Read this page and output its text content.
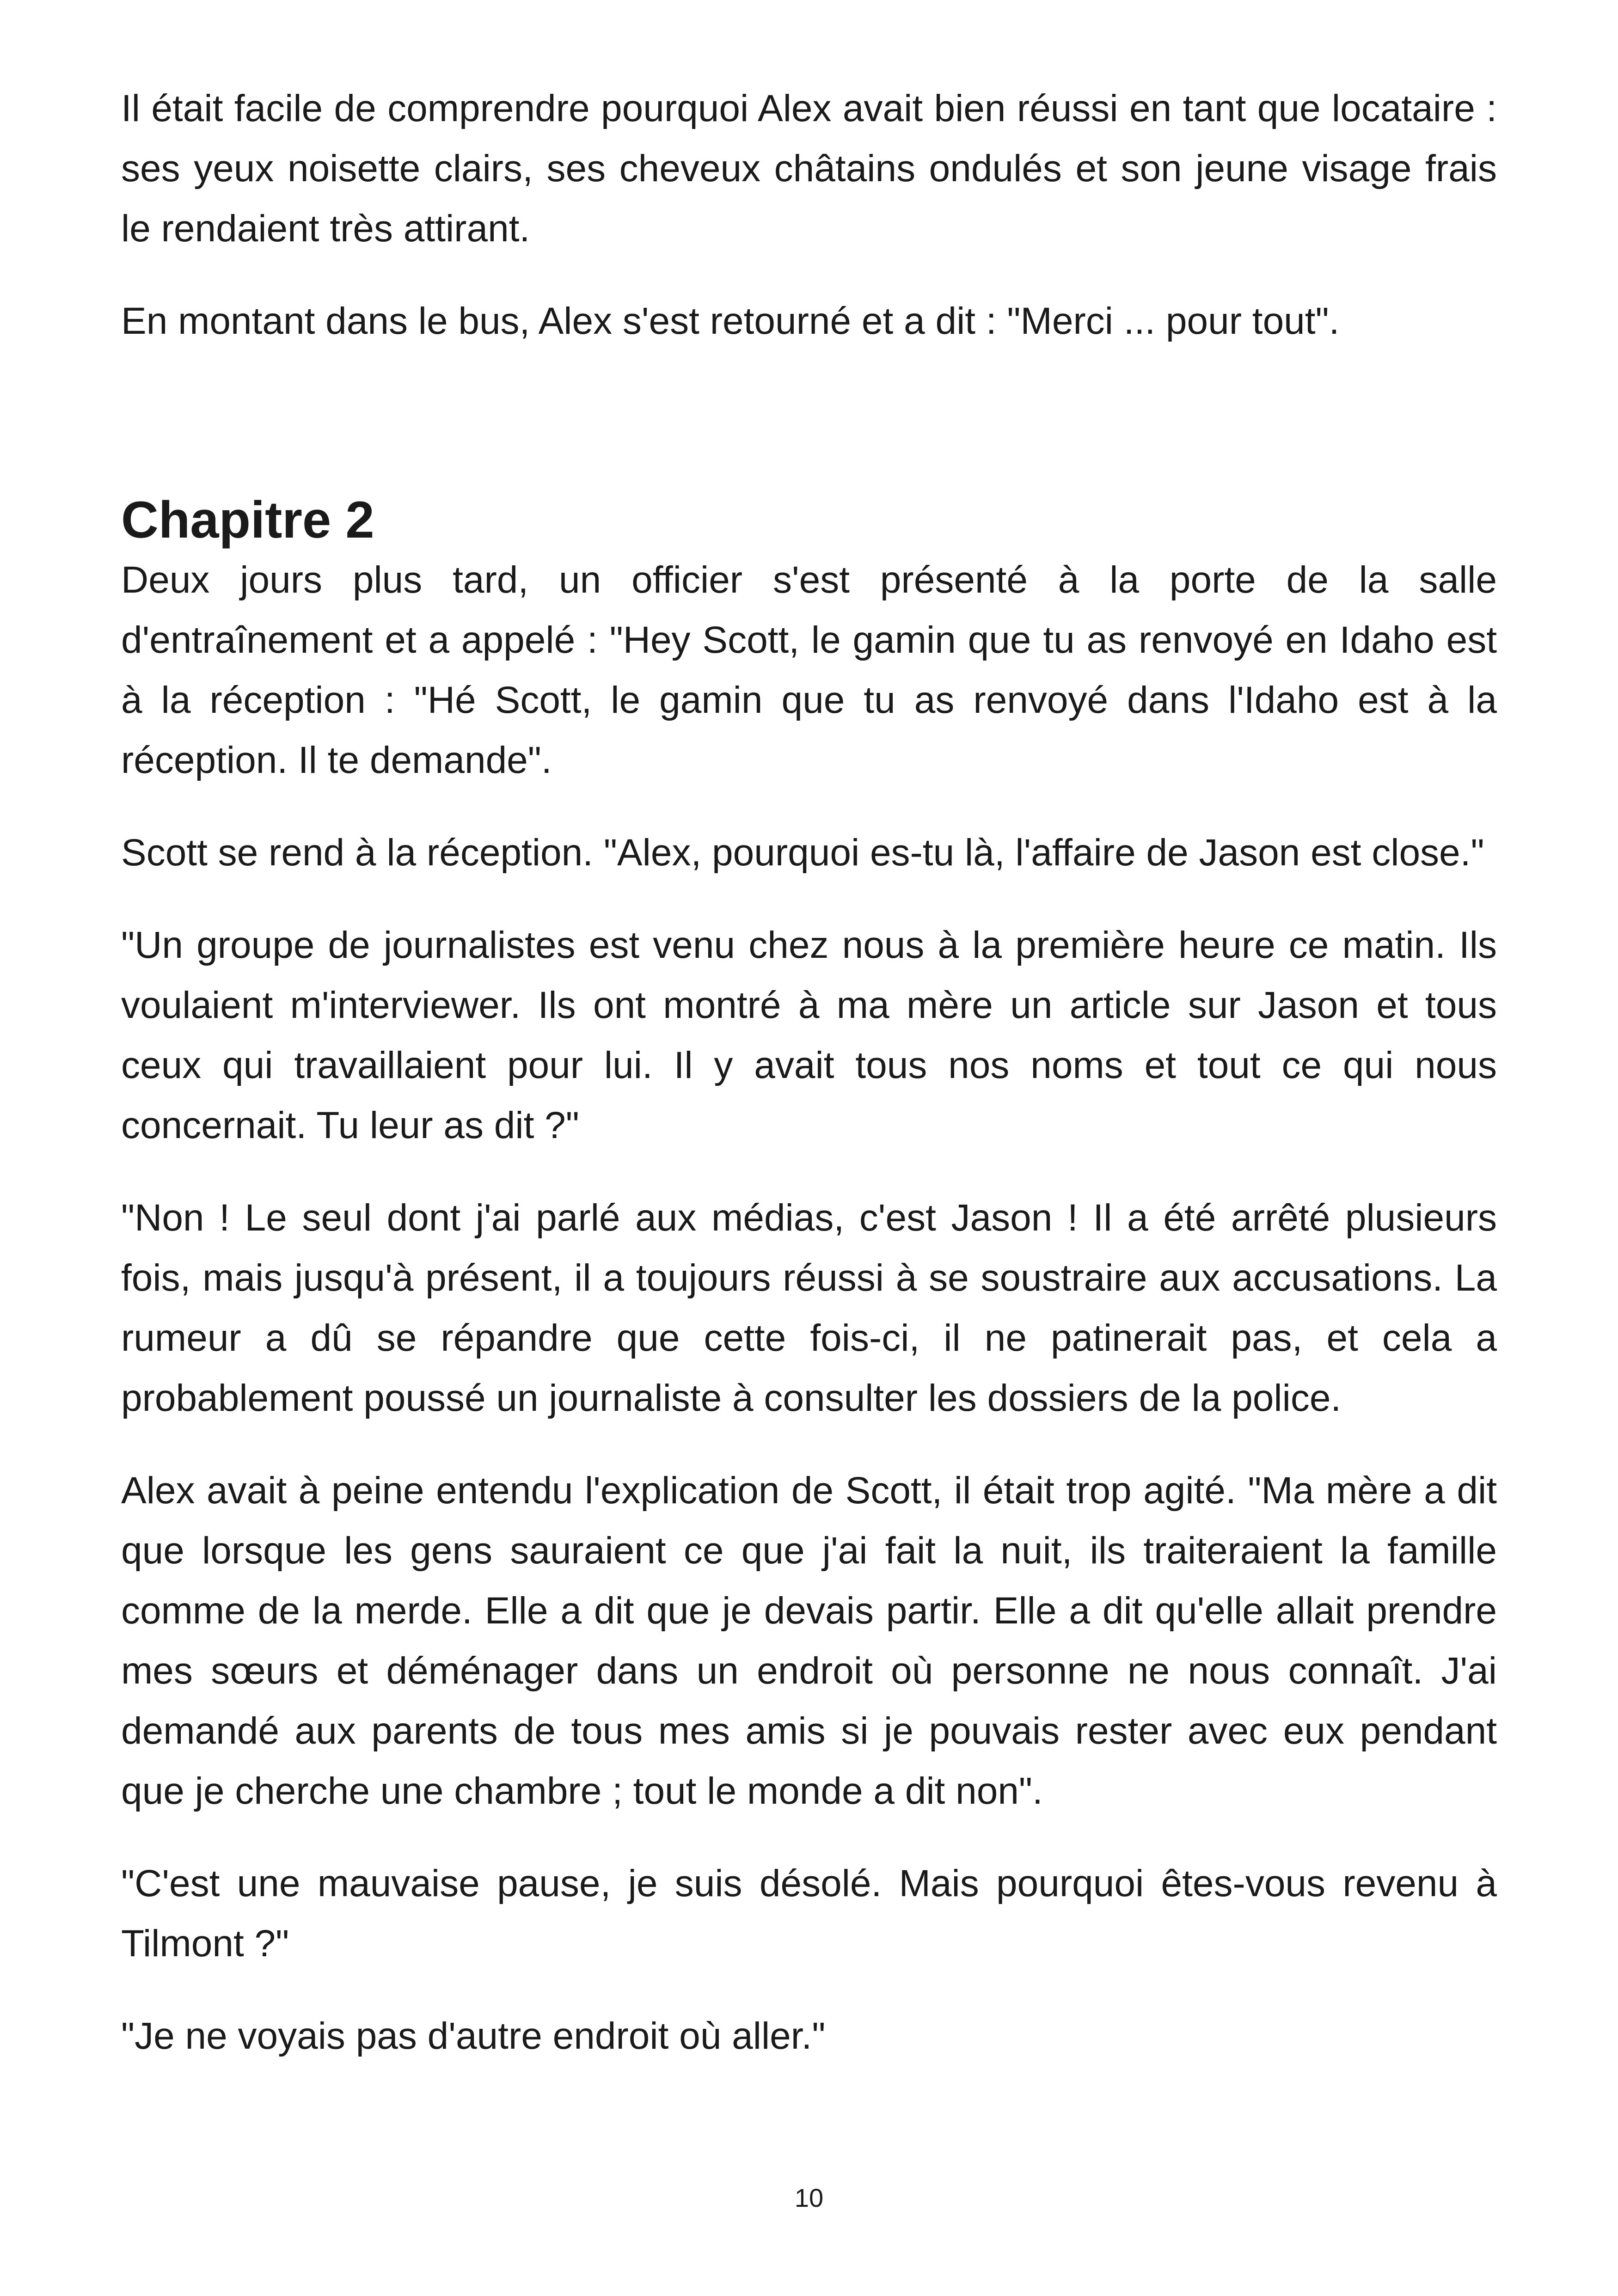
Il était facile de comprendre pourquoi Alex avait bien réussi en tant que locataire : ses yeux noisette clairs, ses cheveux châtains ondulés et son jeune visage frais le rendaient très attirant.

En montant dans le bus, Alex s'est retourné et a dit : "Merci ... pour tout".

Chapitre 2

Deux jours plus tard, un officier s'est présenté à la porte de la salle d'entraînement et a appelé : "Hey Scott, le gamin que tu as renvoyé en Idaho est à la réception : "Hé Scott, le gamin que tu as renvoyé dans l'Idaho est à la réception. Il te demande".

Scott se rend à la réception. "Alex, pourquoi es-tu là, l'affaire de Jason est close."

"Un groupe de journalistes est venu chez nous à la première heure ce matin. Ils voulaient m'interviewer. Ils ont montré à ma mère un article sur Jason et tous ceux qui travaillaient pour lui. Il y avait tous nos noms et tout ce qui nous concernait. Tu leur as dit ?"

"Non ! Le seul dont j'ai parlé aux médias, c'est Jason ! Il a été arrêté plusieurs fois, mais jusqu'à présent, il a toujours réussi à se soustraire aux accusations. La rumeur a dû se répandre que cette fois-ci, il ne patinerait pas, et cela a probablement poussé un journaliste à consulter les dossiers de la police.

Alex avait à peine entendu l'explication de Scott, il était trop agité. "Ma mère a dit que lorsque les gens sauraient ce que j'ai fait la nuit, ils traiteraient la famille comme de la merde. Elle a dit que je devais partir. Elle a dit qu'elle allait prendre mes sœurs et déménager dans un endroit où personne ne nous connaît. J'ai demandé aux parents de tous mes amis si je pouvais rester avec eux pendant que je cherche une chambre ; tout le monde a dit non".

"C'est une mauvaise pause, je suis désolé. Mais pourquoi êtes-vous revenu à Tilmont ?"

"Je ne voyais pas d'autre endroit où aller."

10
